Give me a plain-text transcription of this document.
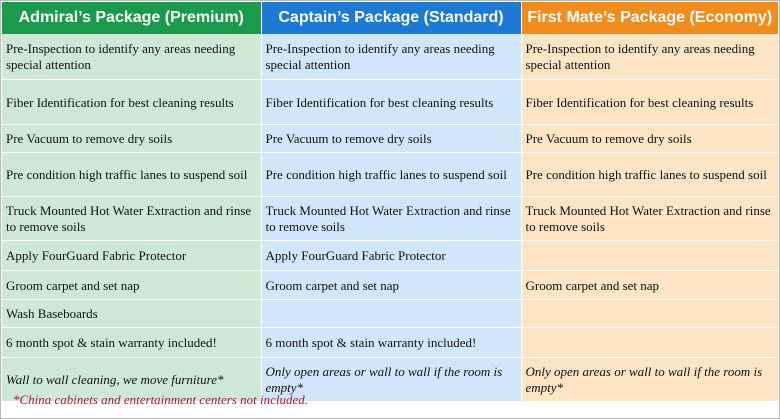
Admiral’s Package (Premium)	Captain’s Package (Standard)	First Mate’s Package (Economy)
Pre-Inspection to identify any areas needing special attention	Pre-Inspection to identify any areas needing special attention	Pre-Inspection to identify any areas needing special attention
Fiber Identification for best cleaning results	Fiber Identification for best cleaning results	Fiber Identification for best cleaning results
Pre Vacuum to remove dry soils	Pre Vacuum to remove dry soils	Pre Vacuum to remove dry soils
Pre condition high traffic lanes to suspend soil	Pre condition high traffic lanes to suspend soil	Pre condition high traffic lanes to suspend soil
Truck Mounted Hot Water Extraction and rinse to remove soils	Truck Mounted Hot Water Extraction and rinse to remove soils	Truck Mounted Hot Water Extraction and rinse to remove soils
Apply FourGuard Fabric Protector	Apply FourGuard Fabric Protector	
Groom carpet and set nap	Groom carpet and set nap	Groom carpet and set nap
Wash Baseboards		
6 month spot & stain warranty included!	6 month spot & stain warranty included!	
Wall to wall cleaning, we move furniture*	Only open areas or wall to wall if the room is empty*	Only open areas or wall to wall if the room is empty*
*China cabinets and entertainment centers not included.
